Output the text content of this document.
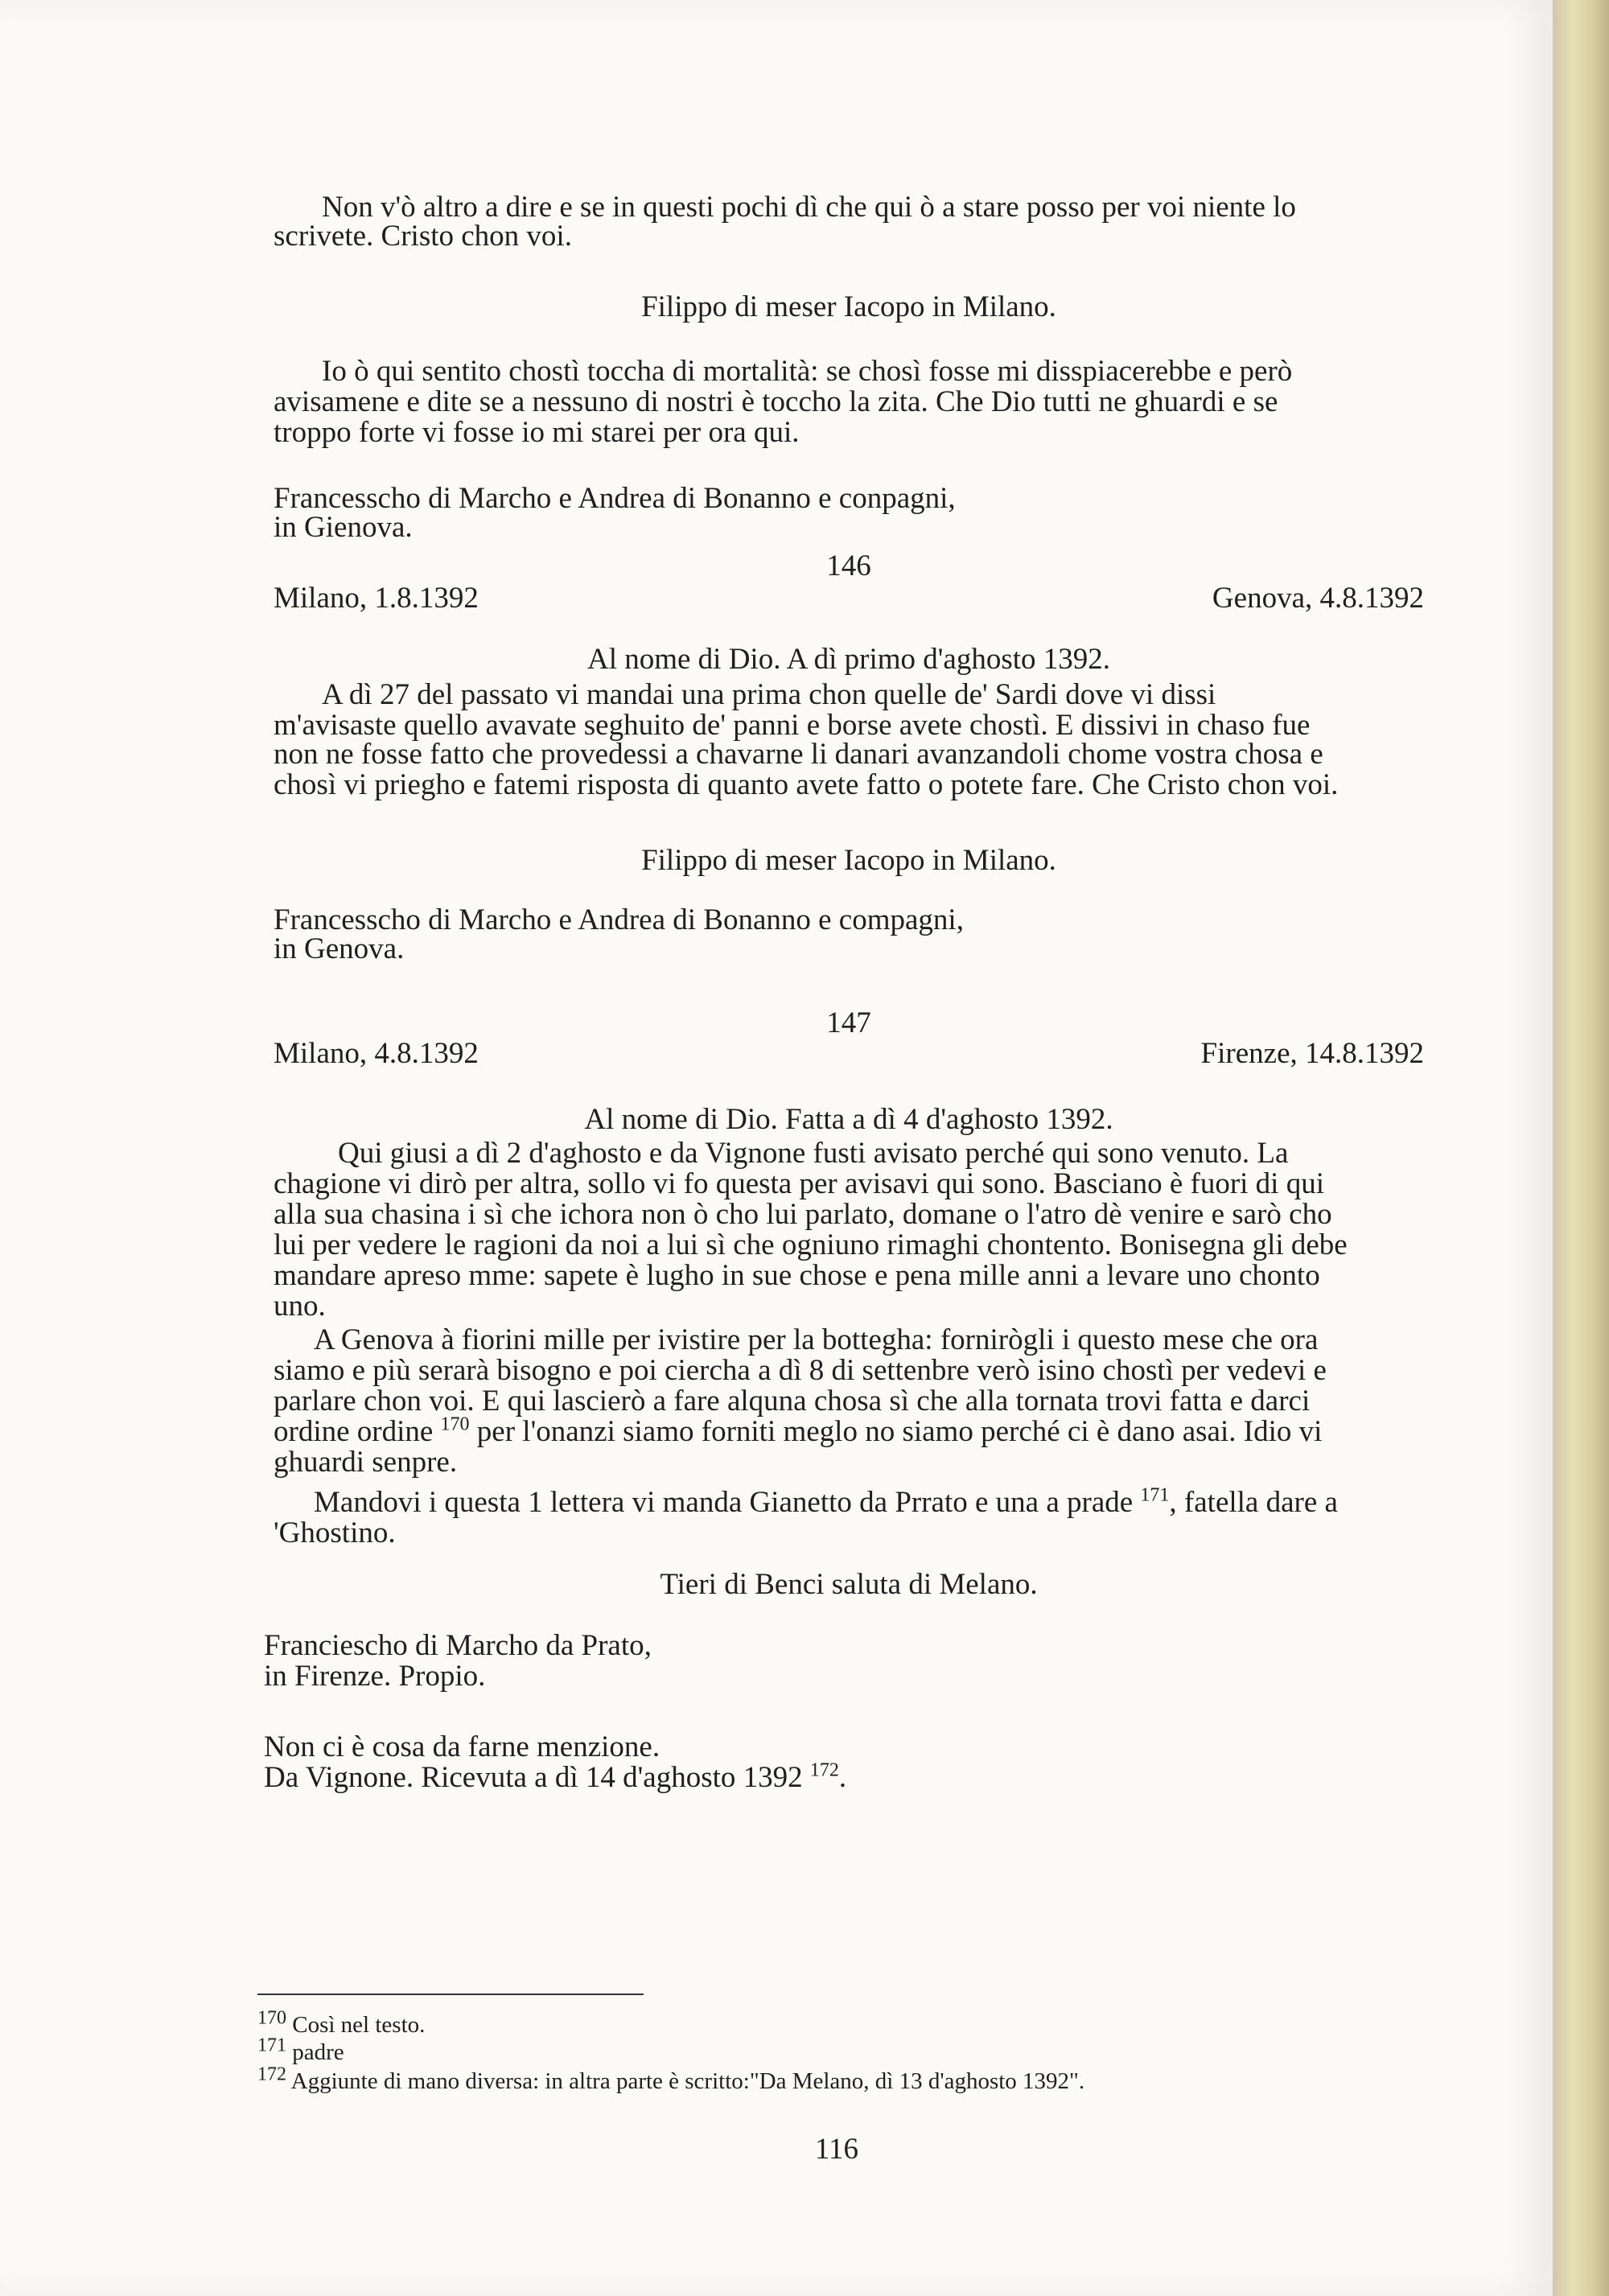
Non v'ò altro a dire e se in questi pochi dì che qui ò a stare posso per voi niente lo
scrivete. Cristo chon voi.
Filippo di meser Iacopo in Milano.
Io ò qui sentito chostì toccha di mortalità: se chosì fosse mi disspiacerebbe e però
avisamene e dite se a nessuno di nostri è toccho la zita. Che Dio tutti ne ghuardi e se
troppo forte vi fosse io mi starei per ora qui.
Francesscho di Marcho e Andrea di Bonanno e conpagni,
in Gienova.
146
Milano, 1.8.1392	Genova, 4.8.1392
Al nome di Dio. A dì primo d'aghosto 1392.
A dì 27 del passato vi mandai una prima chon quelle de' Sardi dove vi dissi
m'avisaste quello avavate seghuito de' panni e borse avete chostì. E dissivi in chaso fue
non ne fosse fatto che provedessi a chavarne li danari avanzandoli chome vostra chosa e
chosì vi priegho e fatemi risposta di quanto avete fatto o potete fare. Che Cristo chon voi.
Filippo di meser Iacopo in Milano.
Francesscho di Marcho e Andrea di Bonanno e compagni,
in Genova.
147
Milano, 4.8.1392	Firenze, 14.8.1392
Al nome di Dio. Fatta a dì 4 d'aghosto 1392.
Qui giusi a dì 2 d'aghosto e da Vignone fusti avisato perché qui sono venuto. La
chagione vi dirò per altra, sollo vi fo questa per avisavi qui sono. Basciano è fuori di qui
alla sua chasina i sì che ichora non ò cho lui parlato, domane o l'atro dè venire e sarò cho
lui per vedere le ragioni da noi a lui sì che ogniuno rimaghi chontento. Bonisegna gli debe
mandare apreso mme: sapete è lugho in sue chose e pena mille anni a levare uno chonto
uno.
A Genova à fiorini mille per ivistire per la bottegha: fornirògli i questo mese che ora
siamo e più serarà bisogno e poi ciercha a dì 8 di settenbre verò isino chostì per vedevi e
parlare chon voi. E qui lascierò a fare alquna chosa sì che alla tornata trovi fatta e darci
ordine ordine $^{170}$ per l'onanzi siamo forniti meglo no siamo perché ci è dano asai. Idio vi
ghuardi senpre.
Mandovi i questa 1 lettera vi manda Gianetto da Prrato e una a prade $^{171}$, fatella dare a
'Ghostino.
Tieri di Benci saluta di Melano.
Franciescho di Marcho da Prato,
in Firenze. Propio.
Non ci è cosa da farne menzione.
Da Vignone. Ricevuta a dì 14 d'aghosto 1392 $^{172}$.
$^{170}$ Così nel testo.
$^{171}$ padre
$^{172}$ Aggiunte di mano diversa: in altra parte è scritto:"Da Melano, dì 13 d'aghosto 1392".
116
